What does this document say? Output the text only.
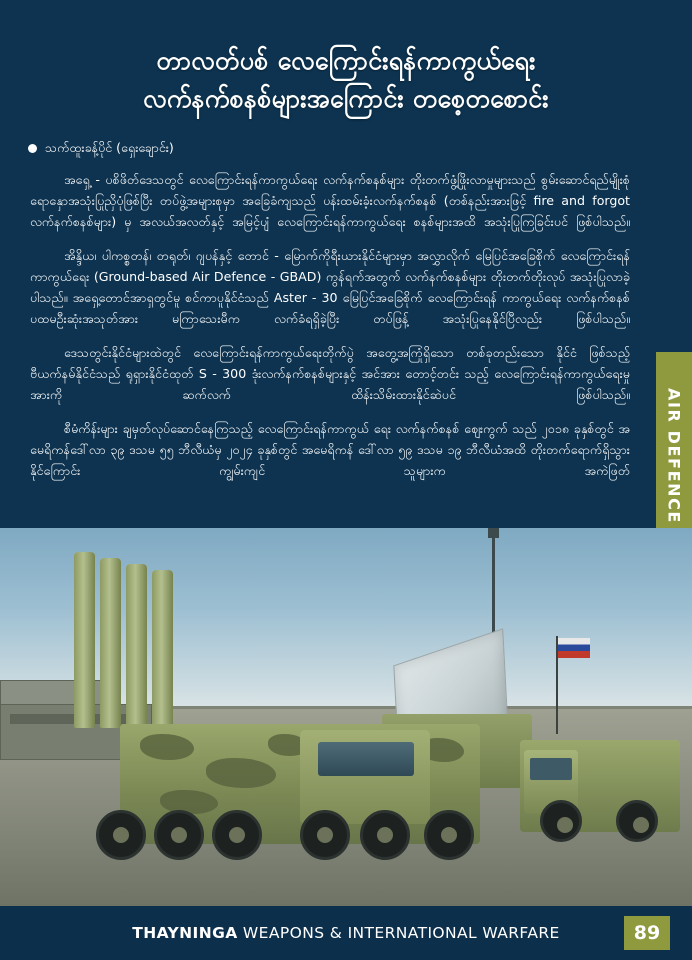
တာလတ်ပစ် လေကြောင်းရန်ကာကွယ်ရေး
လက်နက်စနစ်များအကြောင်း တစေ့တစောင်း
သက်ထူးခန့်ပိုင် (ရှေးချောင်း)

အရှေ့ - ပစိဖိတ်ဒေသတွင် လေကြောင်းရန်ကာကွယ်ရေး လက်နက်စနစ်များ တိုးတက်ဖွံ့ဖြိုးလာမှုများသည် စွမ်းဆောင်ရည်မျိုးစုံ ရောနှောအသုံးပြုညှိပုံဖြစ်ပြီး တပ်ဖွဲ့အများစုမှာ အခြေခံကျသည် ပန်းထမ်းခံ့းလက်နက်စနစ် (တစ်နည်းအားဖြင့် fire and forgot လက်နက်စနစ်များ) မှ အလယ်အလတ်နှင့် အမြင့်ပျံ လေကြောင်းရန်ကာကွယ်ရေး စနစ်များအထိ အသုံးပြုကြခြင်းပင် ဖြစ်ပါသည်။

အိန္ဒိယ၊ ပါကစ္စတန်၊ တရုတ်၊ ဂျပန်နှင့် တောင် - မြောက်ကိုရီးယားနိုင်ငံများမှာ အလွှာလိုက် မြေပြင်အခြေစိုက် လေကြောင်းရန်ကာကွယ်ရေး (Ground-based Air Defence - GBAD) ကွန်ရက်အတွက် လက်နက်စနစ်များ တိုးတက်တိုးလုပ် အသုံးပြုလာခဲ့ပါသည်။ အရှေ့တောင်အာရှတွင်မူ စင်ကာပူနိုင်ငံသည် Aster - 30 မြေပြင်အခြေစိုက် လေကြောင်းရန် ကာကွယ်ရေး လက်နက်စနစ် ပထမဦးဆုံးအသုတ်အား မကြာသေးမီက လက်ခံရရှိခဲ့ပြီး တပ်ဖြန့် အသုံးပြုနေနိုင်ပြီလည်း ဖြစ်ပါသည်။

ဒေသတွင်းနိုင်ငံများထဲတွင် လေကြောင်းရန်ကာကွယ်ရေးတိုက်ပွဲ အတွေ့အကြုံရှိသော တစ်ခုတည်းသော နိုင်ငံ ဖြစ်သည့် ဗီယက်နမ်နိုင်ငံသည် ရုရှားနိုင်ငံထုတ် S - 300 ဒုံးလက်နက်စနစ်များနှင့် အင်အား တောင့်တင်း သည့် လေကြောင်းရန်ကာကွယ်ရေးမှုအားကို ဆက်လက် ထိန်းသိမ်းထားနိုင်ဆဲပင် ဖြစ်ပါသည်။

စီမံကိန်းများ ချမှတ်လုပ်ဆောင်နေကြသည့် လေကြောင်းရန်ကာကွယ် ရေး လက်နက်စနစ် ဈေးကွက် သည် ၂၀၁၈ ခုနှစ်တွင် အမေရိကန်ဒေါ်လာ ၃၉ ဒသမ ၅၅ ဘီလီယံမှ ၂၀၂၄ ခုနှစ်တွင် အမေရိကန် ဒေါ်လာ ၅၉ ဒသမ ၁၉ ဘီလီယံအထိ တိုးတက်ရောက်ရှိသွားနိုင်ကြောင်း ကျွမ်းကျင် သူများက အကဲဖြတ် AIR DEFENCE
THAYNINGA WEAPONS & INTERNATIONAL WARFARE	89
